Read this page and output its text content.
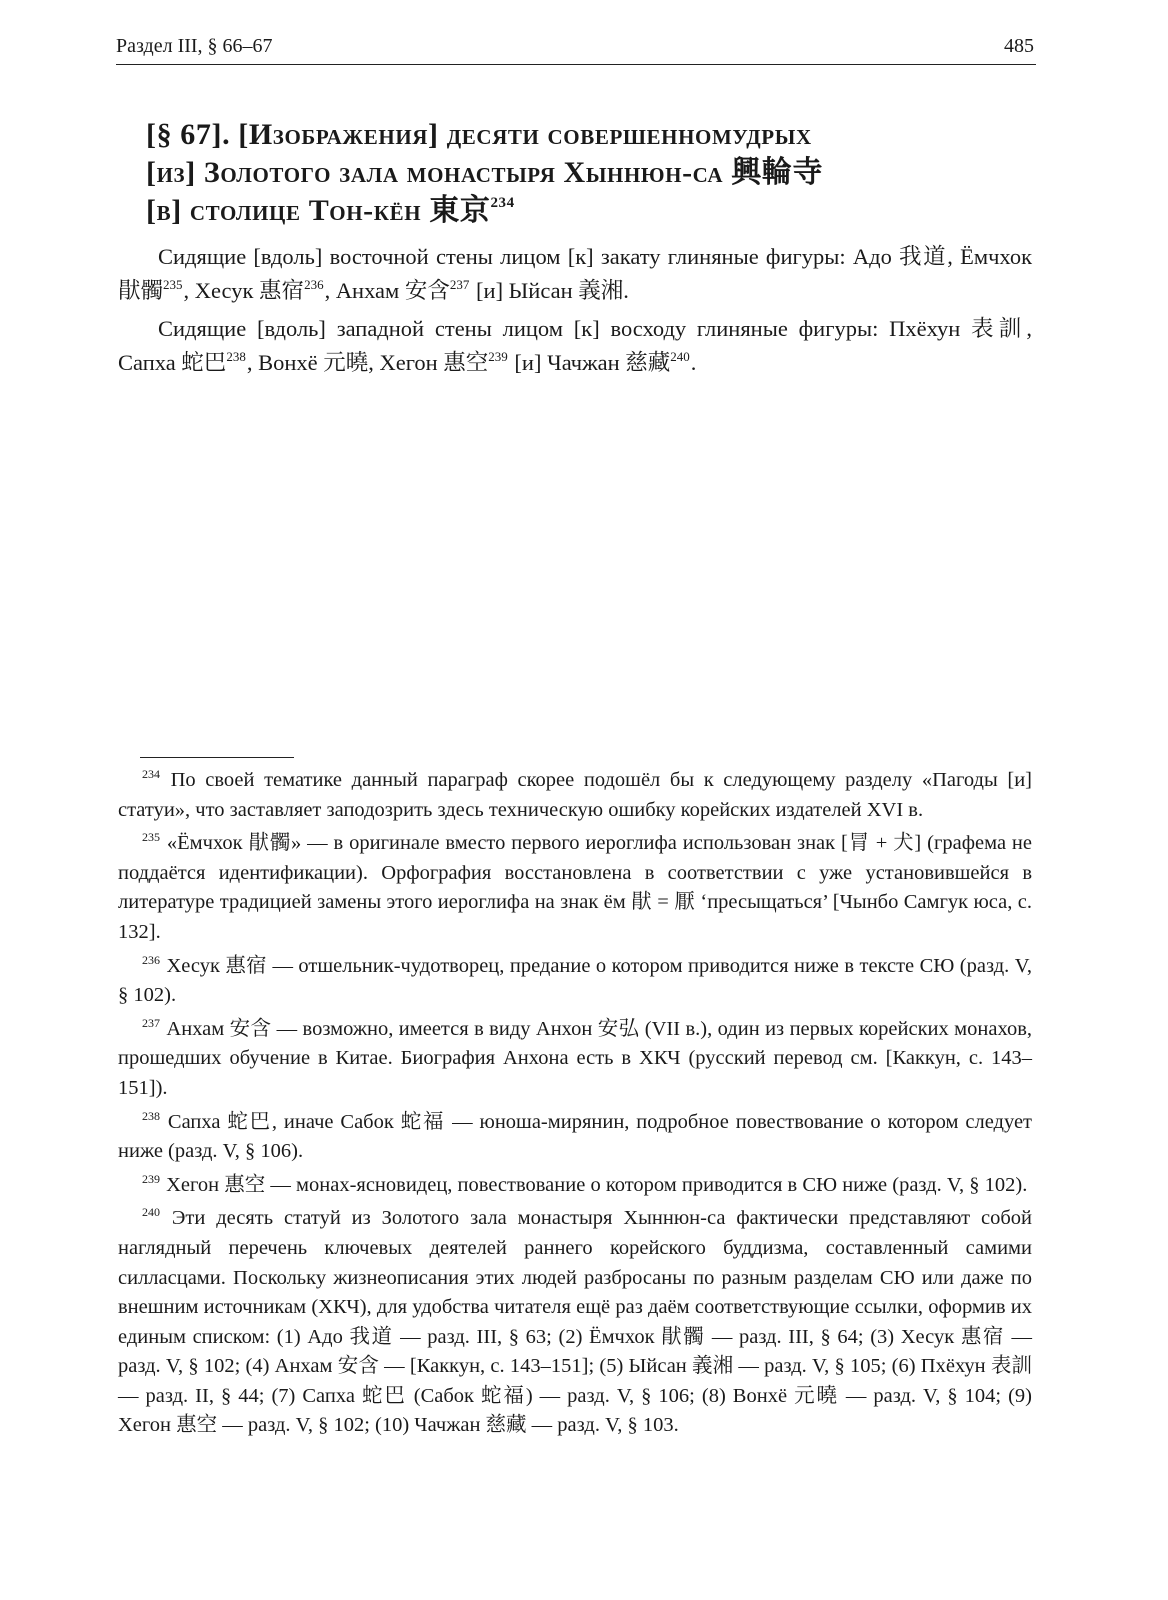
Раздел III, § 66–67	485
[§ 67]. [Изображения] десяти совершенномудрых
[из] Золотого зала монастыря Хыннюн-са 興輪寺
[в] столице Тон-кён 東京$^{234}$

Сидящие [вдоль] восточной стены лицом [к] закату глиняные фигуры: Адо 我道, Ёмчхок 猒髑$^{235}$, Хесук 惠宿$^{236}$, Анхам 安含$^{237}$ [и] Ыйсан 義湘.

Сидящие [вдоль] западной стены лицом [к] восходу глиняные фигуры: Пхёхун 表訓, Сапха 蛇巴$^{238}$, Вонхё 元曉, Хегон 惠空$^{239}$ [и] Чачжан 慈藏$^{240}$.

$^{234}$ По своей тематике данный параграф скорее подошёл бы к следующему разделу «Пагоды [и] статуи», что заставляет заподозрить здесь техническую ошибку корейских издателей XVI в.

$^{235}$ «Ёмчхок 猒髑» — в оригинале вместо первого иероглифа использован знак [冐 + 犬] (графема не поддаётся идентификации). Орфография восстановлена в соответствии с уже установившейся в литературе традицией замены этого иероглифа на знак ём 猒 = 厭 ‘пресыщаться’ [Чынбо Самгук юса, с. 132].

$^{236}$ Хесук 惠宿 — отшельник-чудотворец, предание о котором приводится ниже в тексте СЮ (разд. V, § 102).

$^{237}$ Анхам 安含 — возможно, имеется в виду Анхон 安弘 (VII в.), один из первых корейских монахов, прошедших обучение в Китае. Биография Анхона есть в ХКЧ (русский перевод см. [Каккун, с. 143–151]).

$^{238}$ Сапха 蛇巴, иначе Сабок 蛇福 — юноша-мирянин, подробное повествование о котором следует ниже (разд. V, § 106).

$^{239}$ Хегон 惠空 — монах-ясновидец, повествование о котором приводится в СЮ ниже (разд. V, § 102).

$^{240}$ Эти десять статуй из Золотого зала монастыря Хыннюн-са фактически представляют собой наглядный перечень ключевых деятелей раннего корейского буддизма, составленный самими силласцами. Поскольку жизнеописания этих людей разбросаны по разным разделам СЮ или даже по внешним источникам (ХКЧ), для удобства читателя ещё раз даём соответствующие ссылки, оформив их единым списком: (1) Адо 我道 — разд. III, § 63; (2) Ёмчхок 猒髑 — разд. III, § 64; (3) Хесук 惠宿 — разд. V, § 102; (4) Анхам 安含 — [Каккун, с. 143–151]; (5) Ыйсан 義湘 — разд. V, § 105; (6) Пхёхун 表訓 — разд. II, § 44; (7) Сапха 蛇巴 (Сабок 蛇福) — разд. V, § 106; (8) Вонхё 元曉 — разд. V, § 104; (9) Хегон 惠空 — разд. V, § 102; (10) Чачжан 慈藏 — разд. V, § 103.
